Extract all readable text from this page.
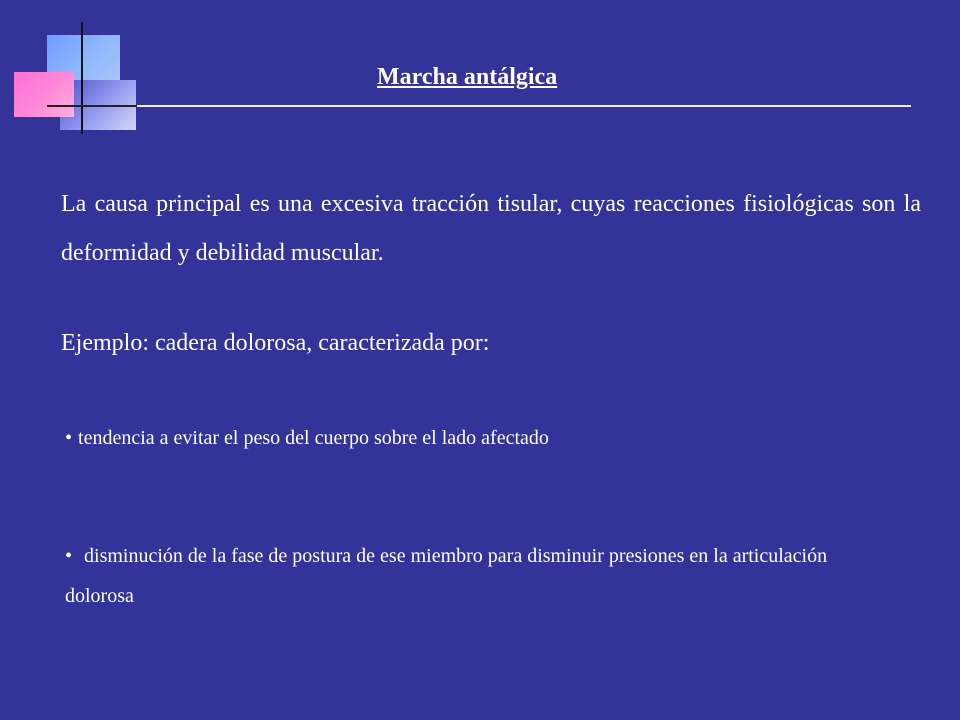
Marcha antálgica
La causa principal es una excesiva tracción tisular, cuyas reacciones fisiológicas son la deformidad y debilidad muscular.
Ejemplo: cadera dolorosa, caracterizada por:
• tendencia a evitar el peso del cuerpo sobre el lado afectado
• disminución de la fase de postura de ese miembro para disminuir presiones en la articulación dolorosa
